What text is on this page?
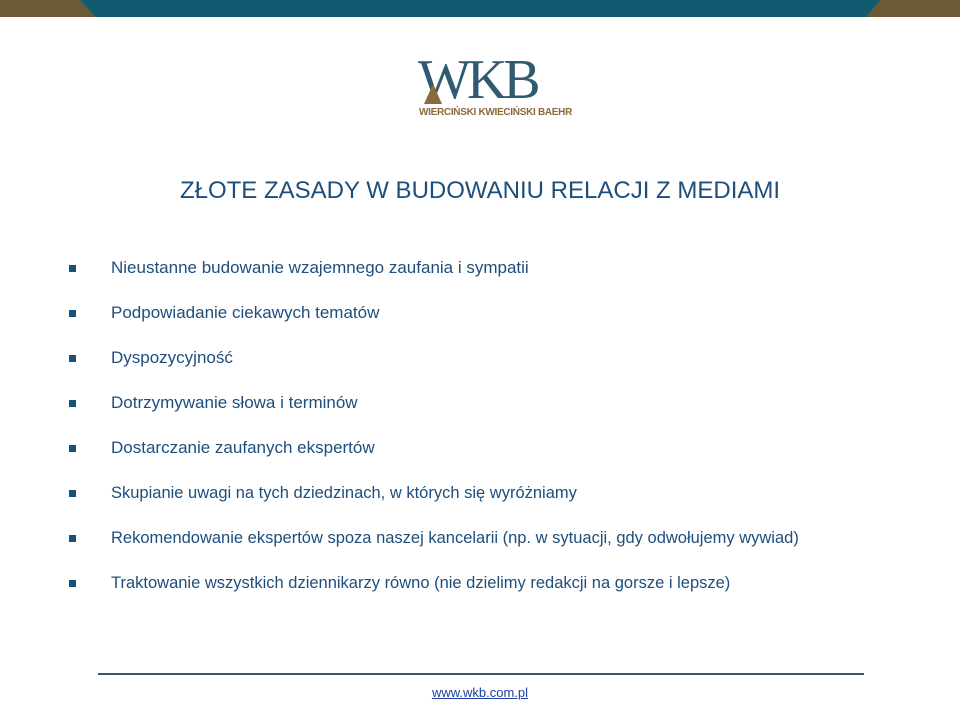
WKB
WIERCIŃSKI KWIECIŃSKI BAEHR
ZŁOTE ZASADY W BUDOWANIU RELACJI Z MEDIAMI
Nieustanne budowanie wzajemnego zaufania i sympatii
Podpowiadanie ciekawych tematów
Dyspozycyjność
Dotrzymywanie słowa i terminów
Dostarczanie zaufanych ekspertów
Skupianie uwagi na tych dziedzinach, w których się wyróżniamy
Rekomendowanie ekspertów spoza naszej kancelarii (np. w sytuacji, gdy odwołujemy wywiad)
Traktowanie wszystkich dziennikarzy równo (nie dzielimy redakcji na gorsze i lepsze)
www.wkb.com.pl
